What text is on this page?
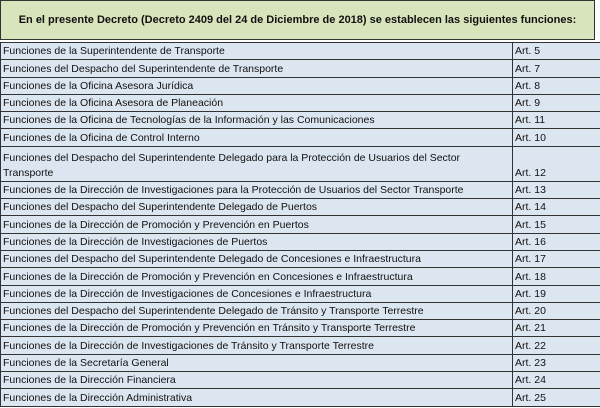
En el presente Decreto (Decreto 2409 del 24 de Diciembre de 2018) se establecen las siguientes funciones:
Funciones de la Superintendente de Transporte	Art. 5
Funciones del Despacho del Superintendente de Transporte	Art. 7
Funciones de la Oficina Asesora Jurídica	Art. 8
Funciones de la Oficina Asesora de Planeación	Art. 9
Funciones de la Oficina de Tecnologías de la Información y las Comunicaciones	Art. 11
Funciones de la Oficina de Control Interno	Art. 10
Funciones del Despacho del Superintendente Delegado para la Protección de Usuarios del Sector Transporte	Art. 12
Funciones de la Dirección de Investigaciones para la Protección de Usuarios del Sector Transporte	Art. 13
Funciones del Despacho del Superintendente Delegado de Puertos	Art. 14
Funciones de la Dirección de Promoción y Prevención en Puertos	Art. 15
Funciones de la Dirección de Investigaciones de Puertos	Art. 16
Funciones del Despacho del Superintendente Delegado de Concesiones e Infraestructura	Art. 17
Funciones de la Dirección de Promoción y Prevención en Concesiones e Infraestructura	Art. 18
Funciones de la Dirección de Investigaciones de Concesiones e Infraestructura	Art. 19
Funciones del Despacho del Superintendente Delegado de Tránsito y Transporte Terrestre	Art. 20
Funciones de la Dirección de Promoción y Prevención en Tránsito y Transporte Terrestre	Art. 21
Funciones de la Dirección de Investigaciones de Tránsito y Transporte Terrestre	Art. 22
Funciones de la Secretaría General	Art. 23
Funciones de la Dirección Financiera	Art. 24
Funciones de la Dirección Administrativa	Art. 25
